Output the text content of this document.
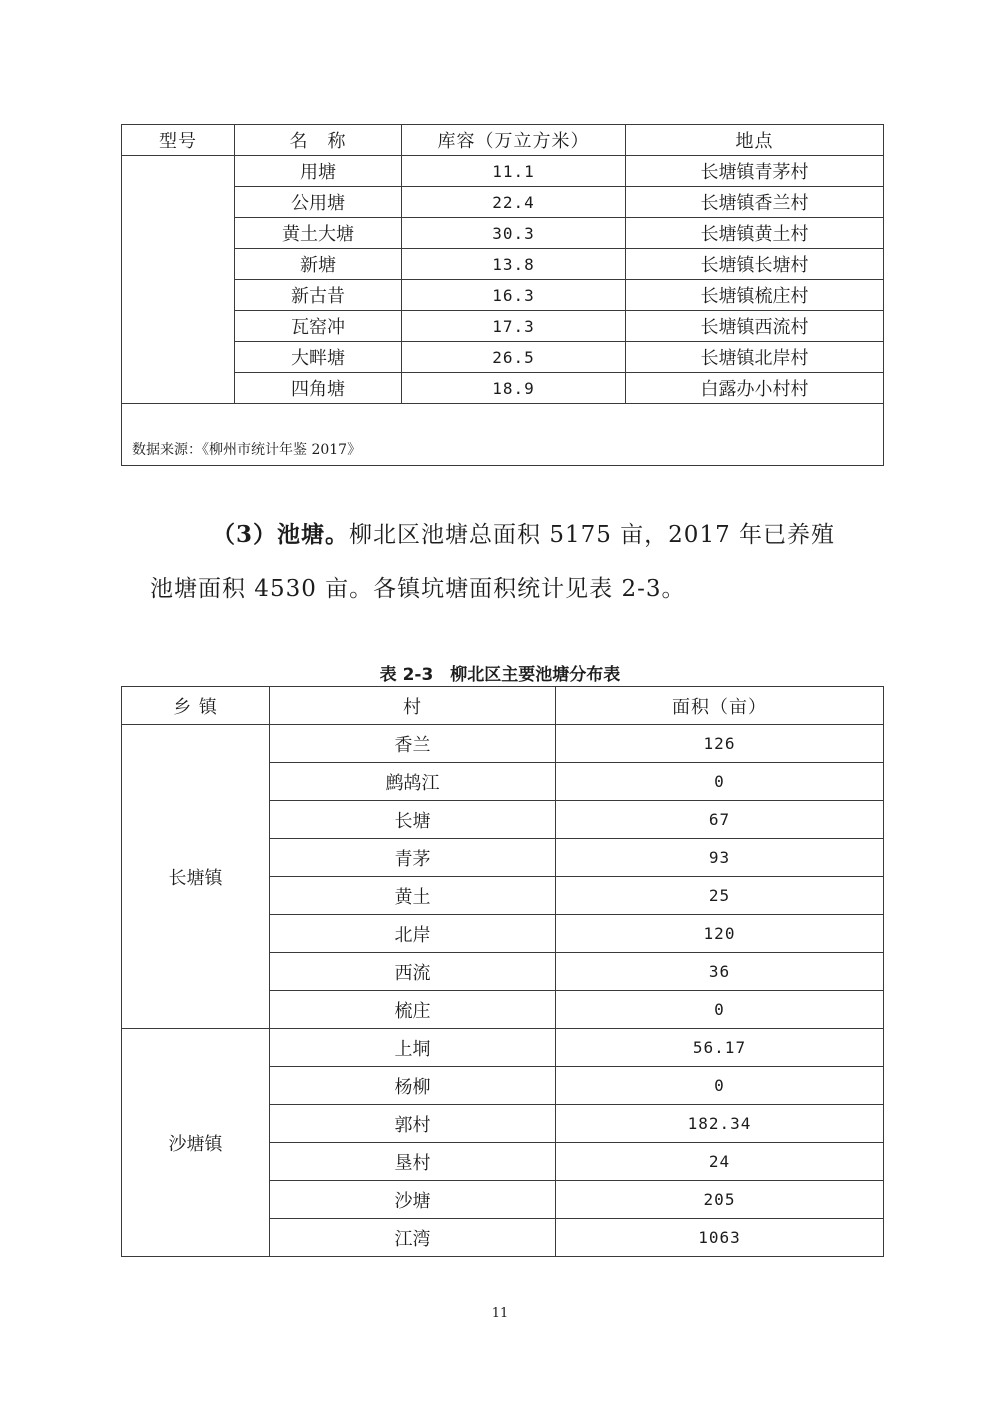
型号	名　称	库容（万立方米）	地点
	用塘	11.1	长塘镇青茅村
	公用塘	22.4	长塘镇香兰村
	黄土大塘	30.3	长塘镇黄土村
	新塘	13.8	长塘镇长塘村
	新古昔	16.3	长塘镇梳庄村
	瓦窑冲	17.3	长塘镇西流村
	大畔塘	26.5	长塘镇北岸村
	四角塘	18.9	白露办小村村
数据来源：《柳州市统计年鉴 2017》			
（3）池塘。柳北区池塘总面积 5175 亩，2017 年已养殖
池塘面积 4530 亩。各镇坑塘面积统计见表 2-3。
表 2-3　柳北区主要池塘分布表
乡 镇	村	面积（亩）
长塘镇	香兰	126
	鹧鸪江	0
	长塘	67
	青茅	93
	黄土	25
	北岸	120
	西流	36
	梳庄	0
沙塘镇	上垌	56.17
	杨柳	0
	郭村	182.34
	垦村	24
	沙塘	205
	江湾	1063
11
